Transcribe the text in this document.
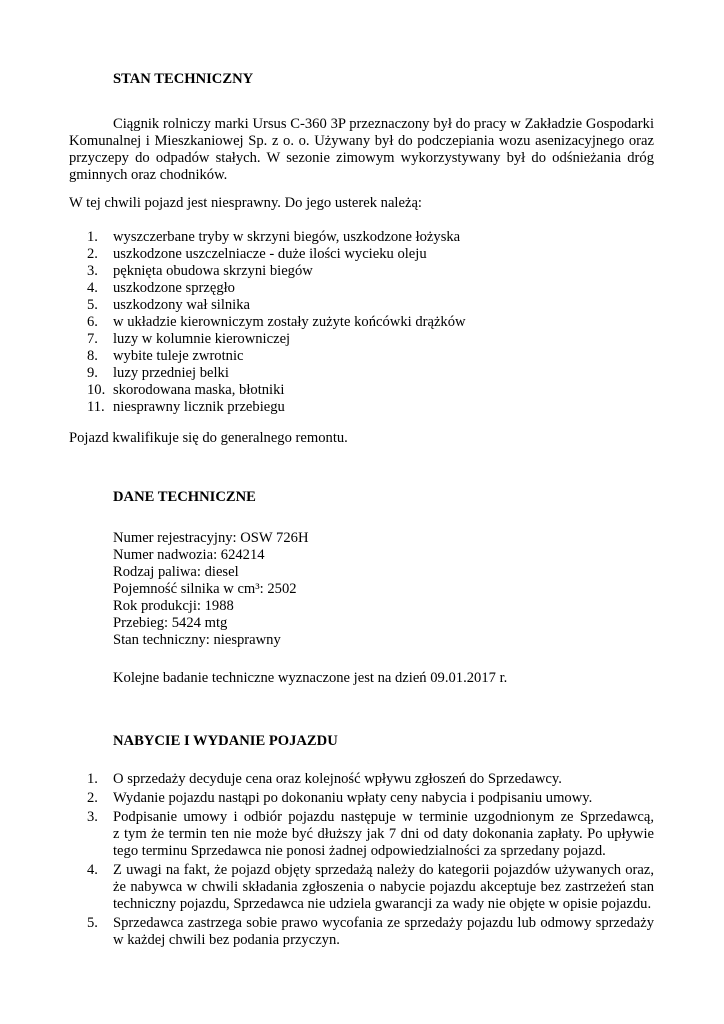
STAN TECHNICZNY
Ciągnik rolniczy marki Ursus C-360 3P przeznaczony był do pracy w Zakładzie Gospodarki
Komunalnej i Mieszkaniowej Sp. z o. o. Używany był do podczepiania wozu asenizacyjnego oraz
przyczepy do odpadów stałych. W sezonie zimowym wykorzystywany był do odśnieżania dróg
gminnych oraz chodników.
W tej chwili pojazd jest niesprawny. Do jego usterek należą:
1.	wyszczerbane tryby w skrzyni biegów, uszkodzone łożyska
2.	uszkodzone uszczelniacze - duże ilości wycieku oleju
3.	pęknięta obudowa skrzyni biegów
4.	uszkodzone sprzęgło
5.	uszkodzony wał silnika
6.	w układzie kierowniczym zostały zużyte końcówki drążków
7.	luzy w kolumnie kierowniczej
8.	wybite tuleje zwrotnic
9.	luzy przedniej belki
10. skorodowana maska, błotniki
11. niesprawny licznik przebiegu
Pojazd kwalifikuje się do generalnego remontu.
DANE TECHNICZNE
Numer rejestracyjny: OSW 726H
Numer nadwozia: 624214
Rodzaj paliwa: diesel
Pojemność silnika w cm³: 2502
Rok produkcji: 1988
Przebieg: 5424 mtg
Stan techniczny: niesprawny
Kolejne badanie techniczne wyznaczone jest na dzień 09.01.2017 r.
NABYCIE I WYDANIE POJAZDU
1. O sprzedaży decyduje cena oraz kolejność wpływu zgłoszeń do Sprzedawcy.
2. Wydanie pojazdu nastąpi po dokonaniu wpłaty ceny nabycia i podpisaniu umowy.
3. Podpisanie umowy i odbiór pojazdu następuje w terminie uzgodnionym ze Sprzedawcą,
z tym że termin ten nie może być dłuższy jak 7 dni od daty dokonania zapłaty. Po upływie
tego terminu Sprzedawca nie ponosi żadnej odpowiedzialności za sprzedany pojazd.
4. Z uwagi na fakt, że pojazd objęty sprzedażą należy do kategorii pojazdów używanych oraz,
że nabywca w chwili składania zgłoszenia o nabycie pojazdu akceptuje bez zastrzeżeń stan
techniczny pojazdu, Sprzedawca nie udziela gwarancji za wady nie objęte w opisie pojazdu.
5. Sprzedawca zastrzega sobie prawo wycofania ze sprzedaży pojazdu lub odmowy sprzedaży
w każdej chwili bez podania przyczyn.
